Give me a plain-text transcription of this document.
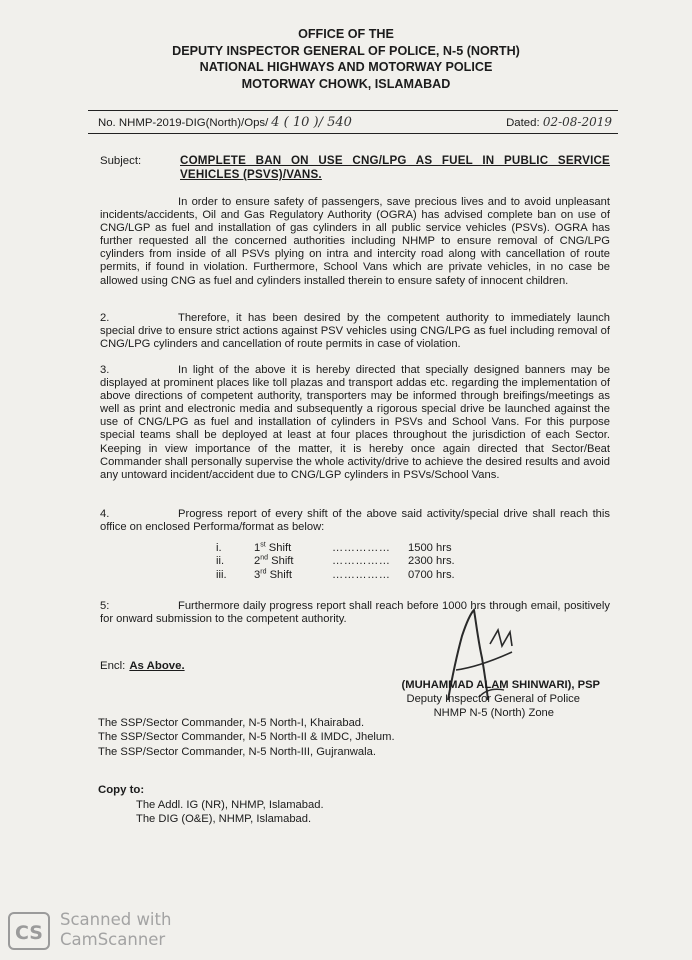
OFFICE OF THE
DEPUTY INSPECTOR GENERAL OF POLICE, N-5 (NORTH)
NATIONAL HIGHWAYS AND MOTORWAY POLICE
MOTORWAY CHOWK, ISLAMABAD
No. NHMP-2019-DIG(North)/Ops/ 4 ( 10 )/ 540	Dated: 02-08-2019
Subject:	COMPLETE BAN ON USE CNG/LPG AS FUEL IN PUBLIC SERVICE VEHICLES (PSVS)/VANS.
In order to ensure safety of passengers, save precious lives and to avoid unpleasant incidents/accidents, Oil and Gas Regulatory Authority (OGRA) has advised complete ban on use of CNG/LGP as fuel and installation of gas cylinders in all public service vehicles (PSVs). OGRA has further requested all the concerned authorities including NHMP to ensure removal of CNG/LPG cylinders from inside of all PSVs plying on intra and intercity road along with cancellation of route permits, if found in violation. Furthermore, School Vans which are private vehicles, in no case be allowed using CNG as fuel and cylinders installed therein to ensure safety of innocent children.
2.	Therefore, it has been desired by the competent authority to immediately launch special drive to ensure strict actions against PSV vehicles using CNG/LPG as fuel including removal of CNG/LPG cylinders and cancellation of route permits in case of violation.
3.	In light of the above it is hereby directed that specially designed banners may be displayed at prominent places like toll plazas and transport addas etc. regarding the implementation of above directions of competent authority, transporters may be informed through breifings/meetings as well as print and electronic media and subsequently a rigorous special drive be launched against the use of CNG/LPG as fuel and installation of cylinders in PSVs and School Vans. For this purpose special teams shall be deployed at least at four places throughout the jurisdiction of each Sector. Keeping in view importance of the matter, it is hereby once again directed that Sector/Beat Commander shall personally supervise the whole activity/drive to achieve the desired results and avoid any untoward incident/accident due to CNG/LGP cylinders in PSVs/School Vans.
4.	Progress report of every shift of the above said activity/special drive shall reach this office on enclosed Performa/format as below:
i.	1st Shift	…………… 1500 hrs
ii.	2nd Shift	…………… 2300 hrs.
iii. 3rd Shift	…………… 0700 hrs.
5:	Furthermore daily progress report shall reach before 1000 hrs through email, positively for onward submission to the competent authority.
Encl: As Above.
(MUHAMMAD ALAM SHINWARI), PSP
Deputy Inspector General of Police
NHMP N-5 (North) Zone
The SSP/Sector Commander, N-5 North-I, Khairabad.
The SSP/Sector Commander, N-5 North-II & IMDC, Jhelum.
The SSP/Sector Commander, N-5 North-III, Gujranwala.
Copy to:
The Addl. IG (NR), NHMP, Islamabad.
The DIG (O&E), NHMP, Islamabad.
CS
Scanned with
CamScanner
